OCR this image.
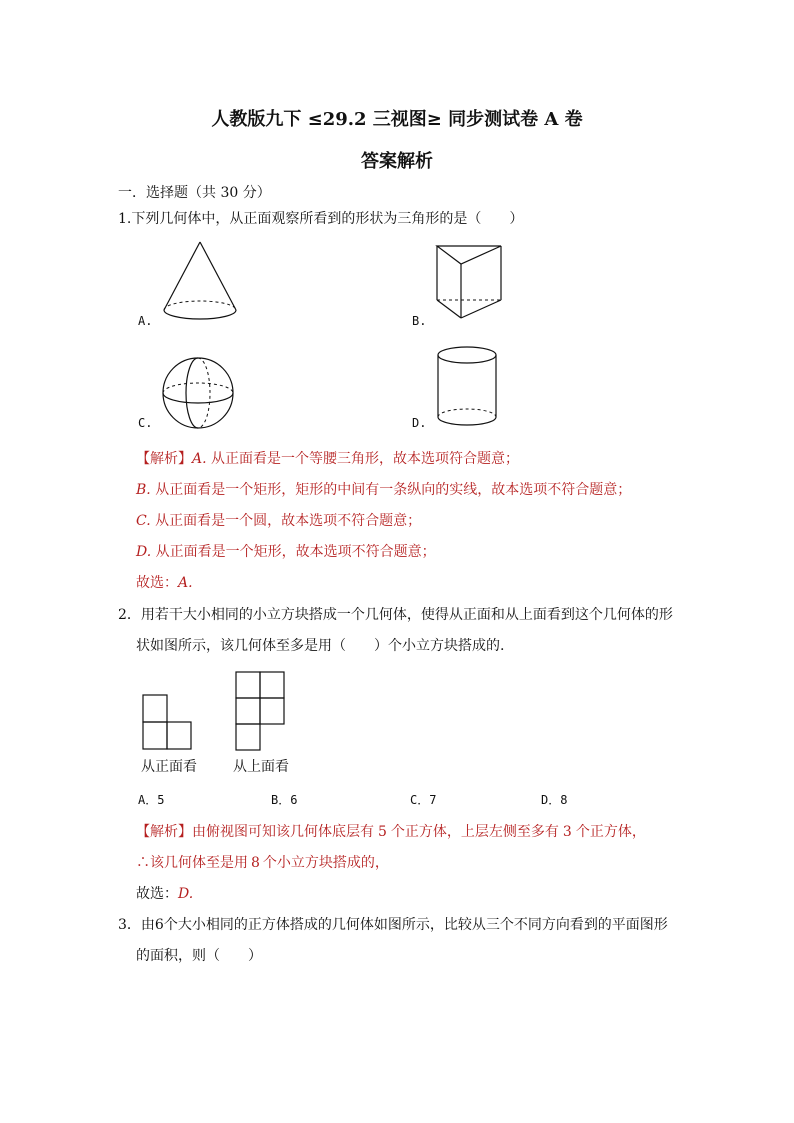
人教版九下 ≤29.2 三视图≥ 同步测试卷 A 卷
答案解析
一．选择题（共 30 分）
1.下列几何体中，从正面观察所看到的形状为三角形的是（　　）
A.	B.
C.	D.
【解析】A. 从正面看是一个等腰三角形，故本选项符合题意；
B. 从正面看是一个矩形，矩形的中间有一条纵向的实线，故本选项不符合题意；
C. 从正面看是一个圆，故本选项不符合题意；
D. 从正面看是一个矩形，故本选项不符合题意；
故选：A.
2．用若干大小相同的小立方块搭成一个几何体，使得从正面和从上面看到这个几何体的形
状如图所示，该几何体至多是用（　　）个小立方块搭成的.
从正面看	从上面看
A．5	B．6	C．7	D．8
【解析】由俯视图可知该几何体底层有 5 个正方体，上层左侧至多有 3 个正方体，
∴该几何体至是用 8 个小立方块搭成的，
故选：D.
3．由6个大小相同的正方体搭成的几何体如图所示，比较从三个不同方向看到的平面图形
的面积，则（　　）
